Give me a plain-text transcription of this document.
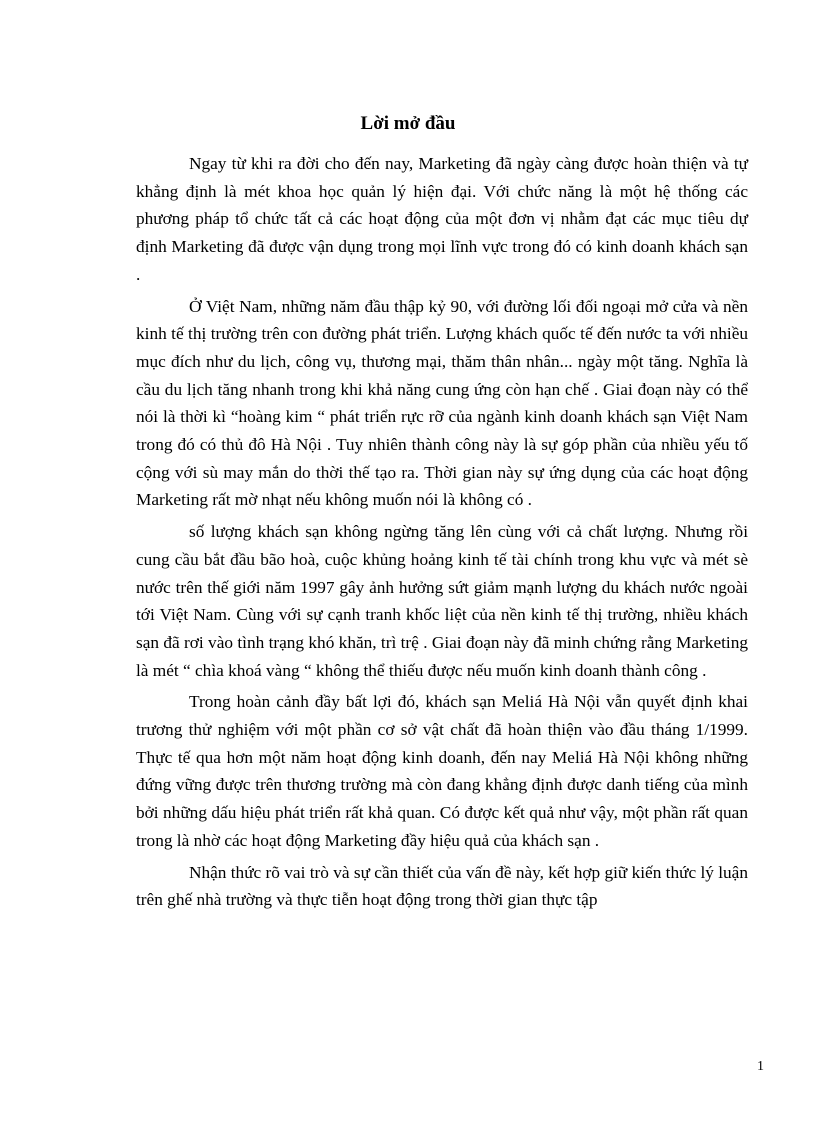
Lời mở đầu

Ngay từ khi ra đời cho đến nay, Marketing đã ngày càng được hoàn thiện và tự khẳng định là mét khoa học quản lý hiện đại. Với chức năng là một hệ thống các phương pháp tổ chức tất cả các hoạt động của một đơn vị nhằm đạt các mục tiêu dự định Marketing đã được vận dụng trong mọi lĩnh vực trong đó có kinh doanh khách sạn .

Ở Việt Nam, những năm đầu thập kỷ 90, với đường lối đối ngoại mở cửa và nền kinh tế thị trường trên con đường phát triển. Lượng khách quốc tế đến nước ta với nhiều mục đích như du lịch, công vụ, thương mại, thăm thân nhân... ngày một tăng. Nghĩa là cầu du lịch tăng nhanh trong khi khả năng cung ứng còn hạn chế . Giai đoạn này có thể nói là thời kì “hoàng kim “ phát triển rực rỡ của ngành kinh doanh khách sạn Việt Nam trong đó có thủ đô Hà Nội . Tuy nhiên thành công này là sự góp phần của nhiều yếu tố cộng với sù may mắn do thời thế tạo ra. Thời gian này sự ứng dụng của các hoạt động Marketing rất mờ nhạt nếu không muốn nói là không có .

số lượng khách sạn không ngừng tăng lên cùng với cả chất lượng. Nhưng rồi cung cầu bắt đầu bão hoà, cuộc khủng hoảng kinh tế tài chính trong khu vực và mét sè nước trên thế giới năm 1997 gây ảnh hưởng sứt giảm mạnh lượng du khách nước ngoài tới Việt Nam. Cùng với sự cạnh tranh khốc liệt của nền kinh tế thị trường, nhiều khách sạn đã rơi vào tình trạng khó khăn, trì trệ . Giai đoạn này đã minh chứng rằng Marketing là mét “ chìa khoá vàng “ không thể thiếu được nếu muốn kinh doanh thành công .

Trong hoàn cảnh đầy bất lợi đó, khách sạn Meliá Hà Nội vẫn quyết định khai trương thử nghiệm với một phần cơ sở vật chất đã hoàn thiện vào đầu tháng 1/1999. Thực tế qua hơn một năm hoạt động kinh doanh, đến nay Meliá Hà Nội không những đứng vững được trên thương trường mà còn đang khẳng định được danh tiếng của mình bởi những dấu hiệu phát triển rất khả quan. Có được kết quả như vậy, một phần rất quan trong là nhờ các hoạt động Marketing đầy hiệu quả của khách sạn .

Nhận thức rõ vai trò và sự cần thiết của vấn đề này, kết hợp giữ kiến thức lý luận trên ghế nhà trường và thực tiễn hoạt động trong thời gian thực tập

1
